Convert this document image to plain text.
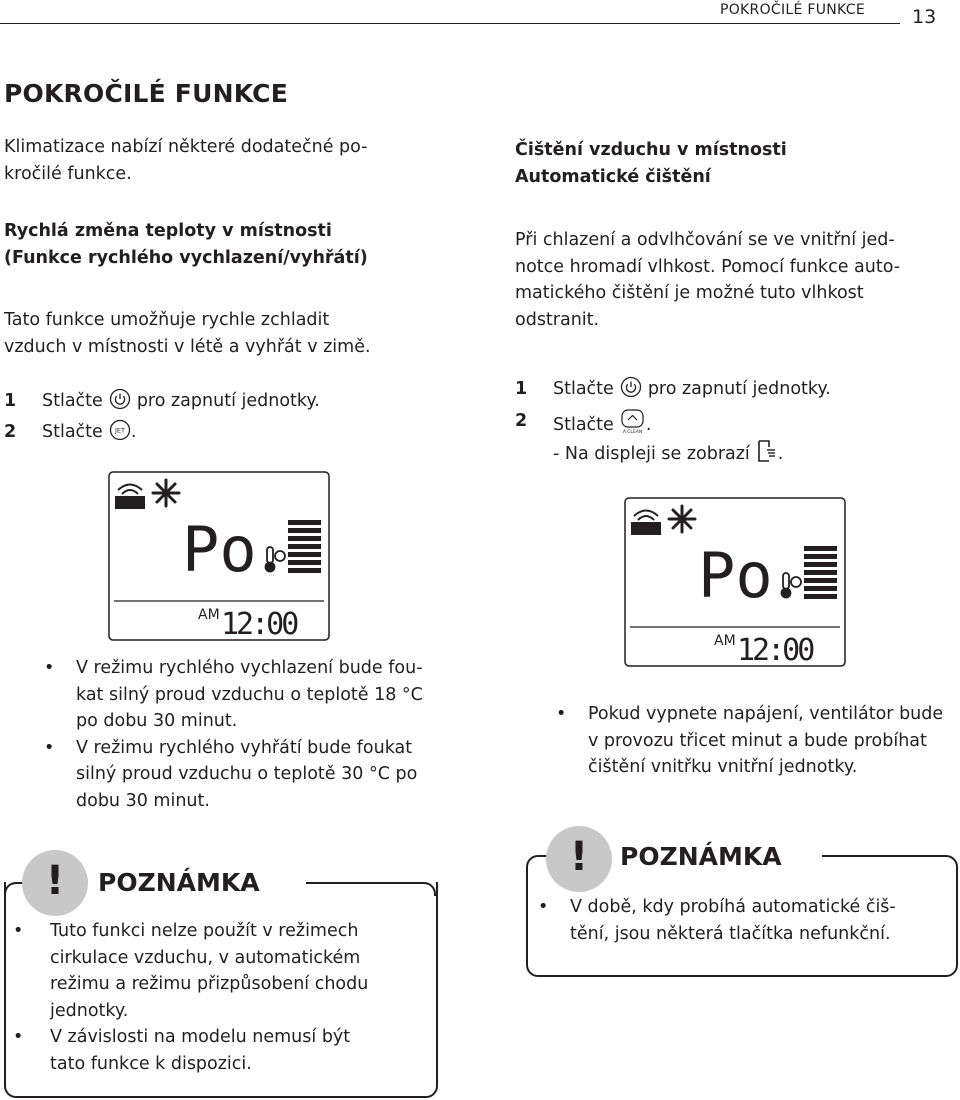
POKROČILÉ FUNKCE 13
POKROČILÉ FUNKCE

Klimatizace nabízí některé dodatečné po-

kročilé funkce.

Rychlá změna teploty v místnosti

(Funkce rychlého vychlazení/vyhřátí)

Tato funkce umožňuje rychle zchladit

vzduch v místnosti v létě a vyhřát v zimě.

1 Stlačte pro zapnutí jednotky.
2 Stlačte JET .
Po
AM 12:00
• V režimu rychlého vychlazení bude fou-
kat silný proud vzduchu o teplotě 18 °C
po dobu 30 minut.
• V režimu rychlého vyhřátí bude foukat
silný proud vzduchu o teplotě 30 °C po
dobu 30 minut.
!	POZNÁMKA
• Tuto funkci nelze použít v režimech
cirkulace vzduchu, v automatickém
režimu a režimu přizpůsobení chodu
jednotky.
• V závislosti na modelu nemusí být
tato funkce k dispozici.

Čištění vzduchu v místnosti

Automatické čištění

Při chlazení a odvlhčování se ve vnitřní jed-

notce hromadí vlhkost. Pomocí funkce auto-

matického čištění je možné tuto vlhkost

odstranit.

1 Stlačte pro zapnutí jednotky.
2 Stlačte A.CLEAN .
- Na displeji se zobrazí .
Po
AM 12:00
• Pokud vypnete napájení, ventilátor bude
v provozu třicet minut a bude probíhat
čištění vnitřku vnitřní jednotky.
!	POZNÁMKA
• V době, kdy probíhá automatické čiš-
tění, jsou některá tlačítka nefunkční.
